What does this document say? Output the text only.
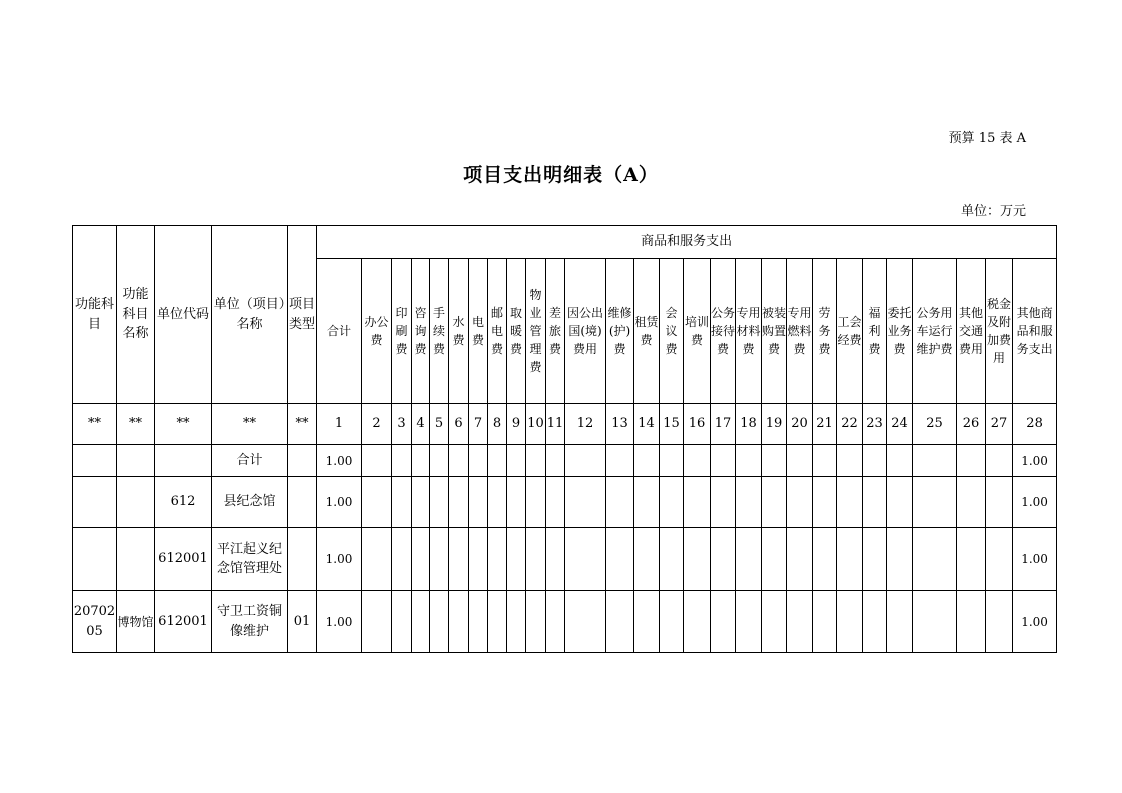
预算 15 表 A
项目支出明细表（A）
单位：万元
功能科目	功能科目名称	单位代码	单位（项目）名称	项目类型	商品和服务支出																											
					合计	办公费	印刷费	咨询费	手续费	水费	电费	邮电费	取暖费	物业管理费	差旅费	因公出国(境)费用	维修(护)费	租赁费	会议费	培训费	公务接待费	专用材料费	被装购置费	专用燃料费	劳务费	工会经费	福利费	委托业务费	公务用车运行维护费	其他交通费用	税金及附加费用	其他商品和服务支出
**	**	**	**	**	1	2	3	4	5	6	7	8	9	10	11	12	13	14	15	16	17	18	19	20	21	22	23	24	25	26	27	28
			合计		1.00																											1.00
		612	县纪念馆		1.00																											1.00
		612001	平江起义纪念馆管理处		1.00																											1.00
2070205	博物馆	612001	守卫工资铜像维护	01	1.00																											1.00
